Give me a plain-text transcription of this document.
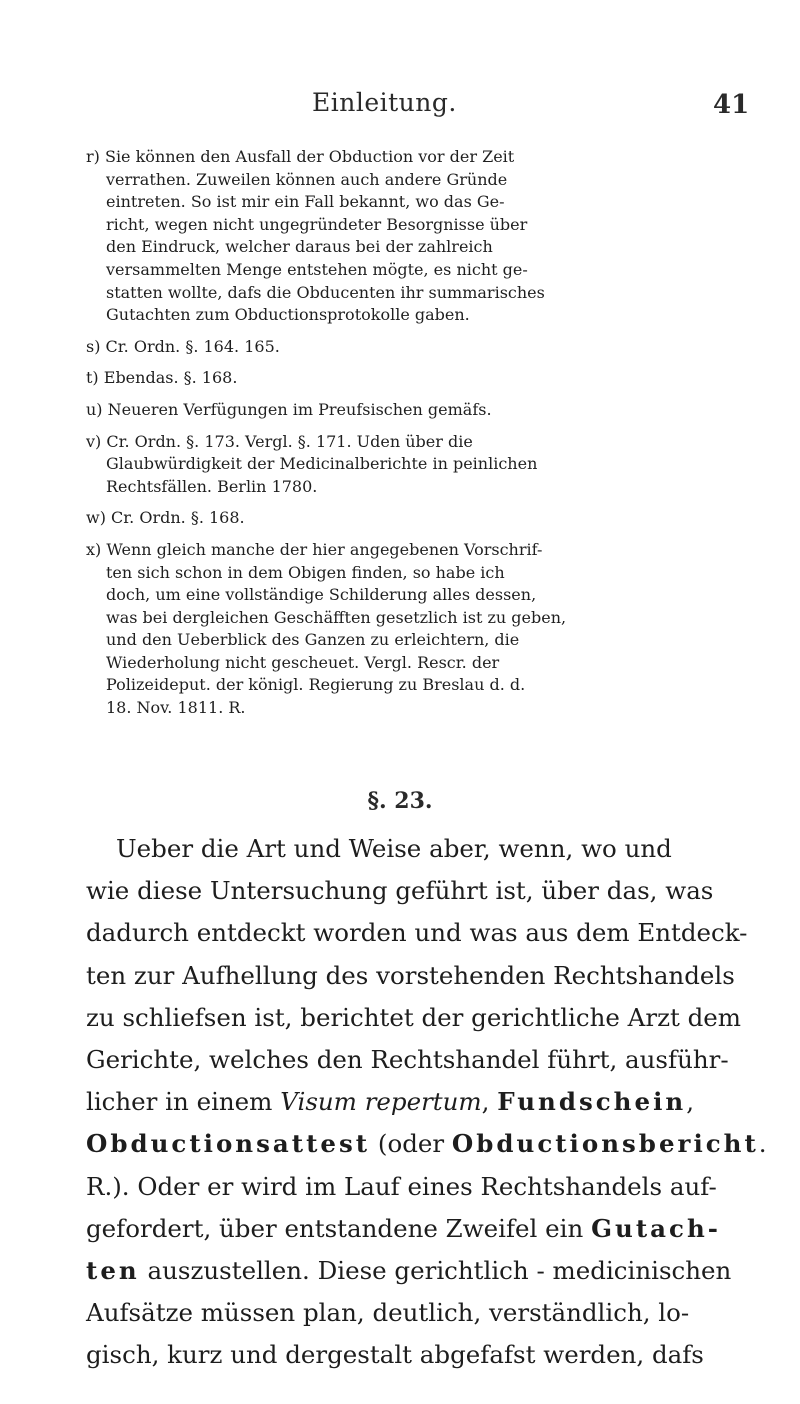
Einleitung.	41
r) Sie können den Ausfall der Obduction vor der Zeit
verrathen. Zuweilen können auch andere Gründe
eintreten. So ist mir ein Fall bekannt, wo das Ge-
richt, wegen nicht ungegründeter Besorgnisse über
den Eindruck, welcher daraus bei der zahlreich
versammelten Menge entstehen mögte, es nicht ge-
statten wollte, dafs die Obducenten ihr summarisches
Gutachten zum Obductionsprotokolle gaben.
s) Cr. Ordn. §. 164. 165.
t) Ebendas. §. 168.
u) Neueren Verfügungen im Preufsischen gemäfs.
v) Cr. Ordn. §. 173. Vergl. §. 171. Uden über die
Glaubwürdigkeit der Medicinalberichte in peinlichen
Rechtsfällen. Berlin 1780.
w) Cr. Ordn. §. 168.
x) Wenn gleich manche der hier angegebenen Vorschrif-
ten sich schon in dem Obigen finden, so habe ich
doch, um eine vollständige Schilderung alles dessen,
was bei dergleichen Geschäfften gesetzlich ist zu geben,
und den Ueberblick des Ganzen zu erleichtern, die
Wiederholung nicht gescheuet. Vergl. Rescr. der
Polizeideput. der königl. Regierung zu Breslau d. d.
18. Nov. 1811. R.
§. 23.
Ueber die Art und Weise aber, wenn, wo und
wie diese Untersuchung geführt ist, über das, was
dadurch entdeckt worden und was aus dem Entdeck-
ten zur Aufhellung des vorstehenden Rechtshandels
zu schliefsen ist, berichtet der gerichtliche Arzt dem
Gerichte, welches den Rechtshandel führt, ausführ-
licher in einem Visum repertum, Fundschein,
Obductionsattest (oder Obductionsbericht.
R.). Oder er wird im Lauf eines Rechtshandels auf-
gefordert, über entstandene Zweifel ein Gutach-
ten auszustellen. Diese gerichtlich - medicinischen
Aufsätze müssen plan, deutlich, verständlich, lo-
gisch, kurz und dergestalt abgefafst werden, dafs
